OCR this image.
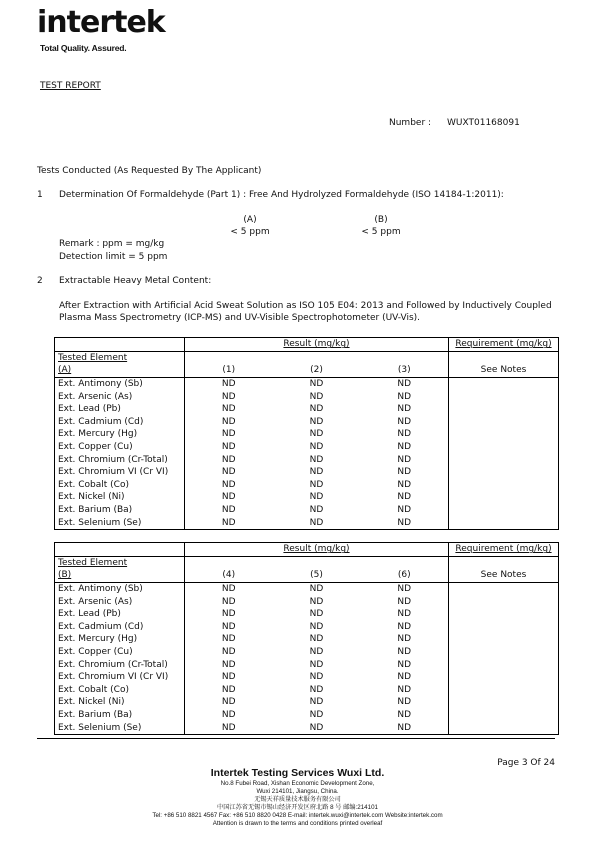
intertek
Total Quality. Assured.
TEST REPORT
Number : WUXT01168091
Tests Conducted (As Requested By The Applicant)
1 Determination Of Formaldehyde (Part 1) : Free And Hydrolyzed Formaldehyde (ISO 14184-1:2011):
(A)
< 5 ppm
(B)
< 5 ppm
Remark : ppm = mg/kg
Detection limit = 5 ppm
2 Extractable Heavy Metal Content:
After Extraction with Artificial Acid Sweat Solution as ISO 105 E04: 2013 and Followed by Inductively Coupled
Plasma Mass Spectrometry (ICP-MS) and UV-Visible Spectrophotometer (UV-Vis).
		Result (mg/kg)		Requirement (mg/kg)
Tested Element				
(A)	(1)	(2)	(3)	See Notes
Ext. Antimony (Sb)	ND	ND	ND	
Ext. Arsenic (As)	ND	ND	ND	
Ext. Lead (Pb)	ND	ND	ND	
Ext. Cadmium (Cd)	ND	ND	ND	
Ext. Mercury (Hg)	ND	ND	ND	
Ext. Copper (Cu)	ND	ND	ND	
Ext. Chromium (Cr-Total)	ND	ND	ND	
Ext. Chromium VI (Cr VI)	ND	ND	ND	
Ext. Cobalt (Co)	ND	ND	ND	
Ext. Nickel (Ni)	ND	ND	ND	
Ext. Barium (Ba)	ND	ND	ND	
Ext. Selenium (Se)	ND	ND	ND	
		Result (mg/kg)		Requirement (mg/kg)
Tested Element				
(B)	(4)	(5)	(6)	See Notes
Ext. Antimony (Sb)	ND	ND	ND	
Ext. Arsenic (As)	ND	ND	ND	
Ext. Lead (Pb)	ND	ND	ND	
Ext. Cadmium (Cd)	ND	ND	ND	
Ext. Mercury (Hg)	ND	ND	ND	
Ext. Copper (Cu)	ND	ND	ND	
Ext. Chromium (Cr-Total)	ND	ND	ND	
Ext. Chromium VI (Cr VI)	ND	ND	ND	
Ext. Cobalt (Co)	ND	ND	ND	
Ext. Nickel (Ni)	ND	ND	ND	
Ext. Barium (Ba)	ND	ND	ND	
Ext. Selenium (Se)	ND	ND	ND	
Page 3 Of 24
Intertek Testing Services Wuxi Ltd.
No.8 Fubei Road, Xishan Economic Development Zone,
Wuxi 214101, Jiangsu, China.
无锡天祥质量技术服务有限公司
中国江苏省无锡市锡山经济开发区府北路 8 号 邮编:214101
Tel: +86 510 8821 4567 Fax: +86 510 8820 0428 E-mail: intertek.wuxi@intertek.com Website:intertek.com
Attention is drawn to the terms and conditions printed overleaf
